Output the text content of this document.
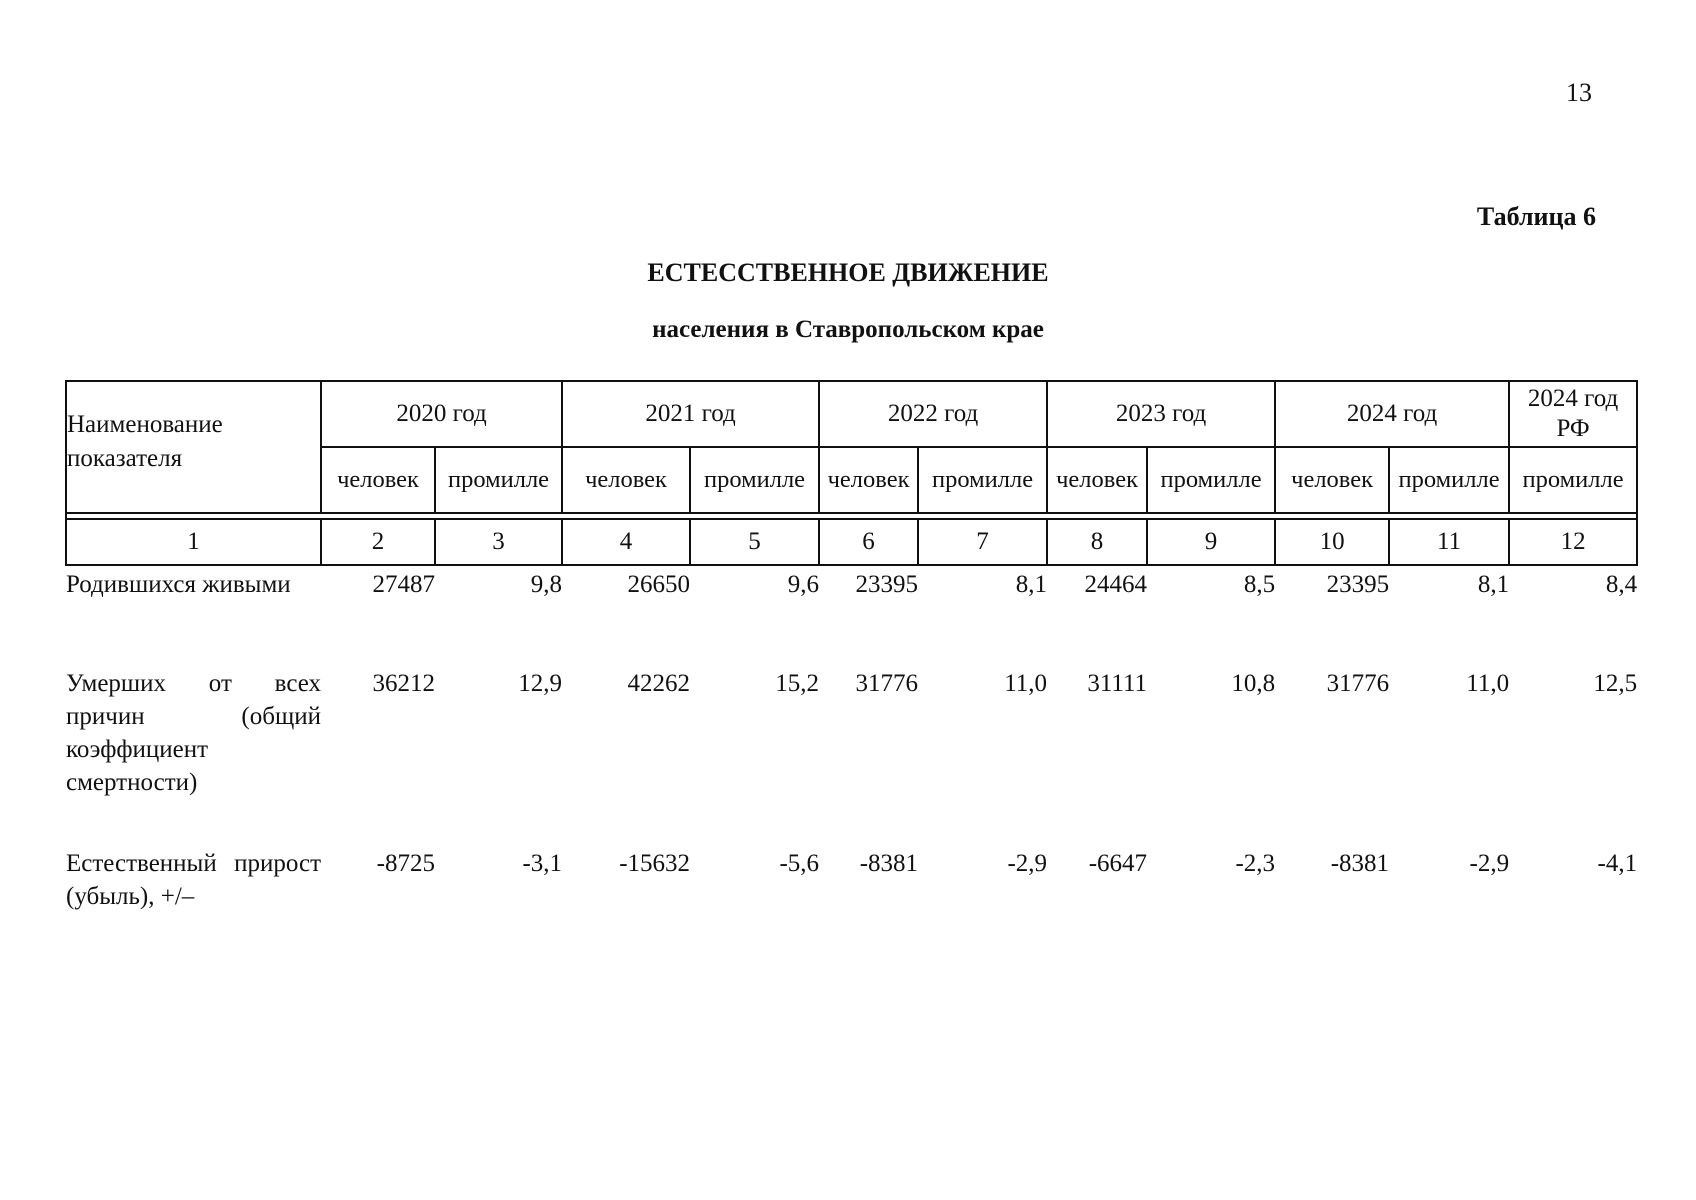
13
Таблица 6
ЕСТЕССТВЕННОЕ ДВИЖЕНИЕ
населения в Ставропольском крае
Наименование показателя	2020 год		2021 год		2022 год		2023 год		2024 год		2024 год
РФ
	человек	промилле	человек	промилле	человек	промилле	человек	промилле	человек	промилле	промилле

1	2	3	4	5	6	7	8	9	10	11	12
Родившихся живыми	27487	9,8	26650	9,6	23395	8,1	24464	8,5	23395	8,1	8,4
Умерших от всех причин (общий коэффициент смертности)	36212	12,9	42262	15,2	31776	11,0	31111	10,8	31776	11,0	12,5
Естественный прирост (убыль), +/–	-8725	-3,1	-15632	-5,6	-8381	-2,9	-6647	-2,3	-8381	-2,9	-4,1
